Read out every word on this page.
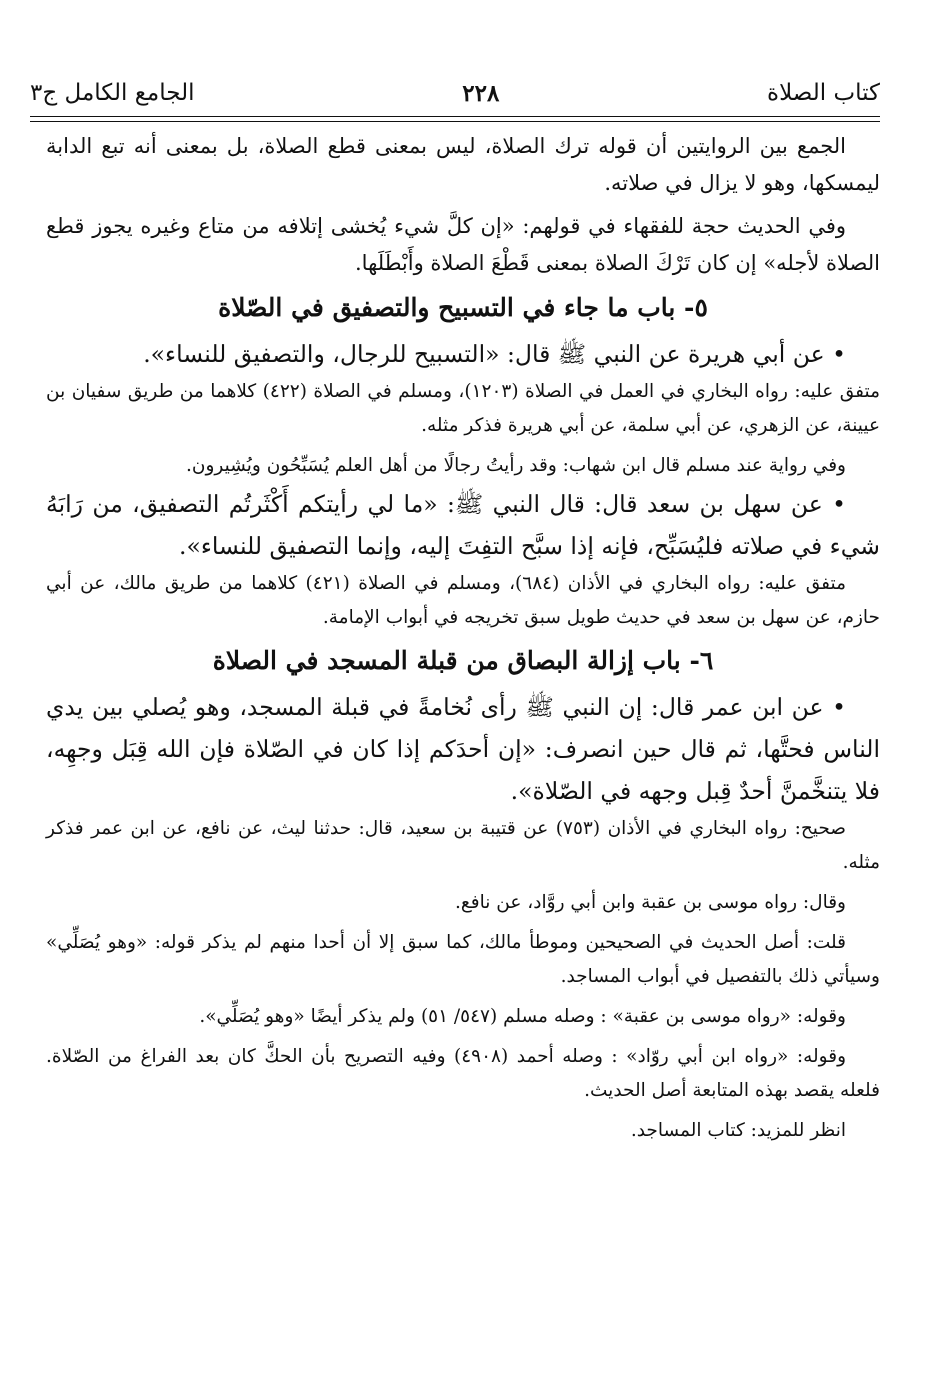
كتاب الصلاة
٢٢٨
الجامع الكامل ج٣

الجمع بين الروايتين أن قوله ترك الصلاة، ليس بمعنى قطع الصلاة، بل بمعنى أنه تبع الدابة ليمسكها، وهو لا يزال في صلاته.

وفي الحديث حجة للفقهاء في قولهم: «إن كلَّ شيء يُخشى إتلافه من متاع وغيره يجوز قطع الصلاة لأجله» إن كان تَرْكَ الصلاة بمعنى قَطْعَ الصلاة وأَبْطَلَها.

٥- باب ما جاء في التسبيح والتصفيق في الصّلاة

• عن أبي هريرة عن النبي ﷺ قال: «التسبيح للرجال، والتصفيق للنساء».

متفق عليه: رواه البخاري في العمل في الصلاة (١٢٠٣)، ومسلم في الصلاة (٤٢٢) كلاهما من طريق سفيان بن عيينة، عن الزهري، عن أبي سلمة، عن أبي هريرة فذكر مثله.

وفي رواية عند مسلم قال ابن شهاب: وقد رأيتُ رجالًا من أهل العلم يُسَبِّحُون ويُشِيرون.

• عن سهل بن سعد قال: قال النبي ﷺ: «ما لي رأيتكم أَكْثَرتُم التصفيق، من رَابَهُ شيء في صلاته فليُسَبِّح، فإنه إذا سبَّح التفِتَ إليه، وإنما التصفيق للنساء».

متفق عليه: رواه البخاري في الأذان (٦٨٤)، ومسلم في الصلاة (٤٢١) كلاهما من طريق مالك، عن أبي حازم، عن سهل بن سعد في حديث طويل سبق تخريجه في أبواب الإمامة.

٦- باب إزالة البصاق من قبلة المسجد في الصلاة

• عن ابن عمر قال: إن النبي ﷺ رأى نُخامةً في قبلة المسجد، وهو يُصلي بين يدي الناس فحتَّها، ثم قال حين انصرف: «إن أحدَكم إذا كان في الصّلاة فإن الله قِبَل وجهِه، فلا يتنخَّمنَّ أحدٌ قِبل وجهه في الصّلاة».

صحيح: رواه البخاري في الأذان (٧٥٣) عن قتيبة بن سعيد، قال: حدثنا ليث، عن نافع، عن ابن عمر فذكر مثله.

وقال: رواه موسى بن عقبة وابن أبي روَّاد، عن نافع.

قلت: أصل الحديث في الصحيحين وموطأ مالك، كما سبق إلا أن أحدا منهم لم يذكر قوله: «وهو يُصَلِّي» وسيأتي ذلك بالتفصيل في أبواب المساجد.

وقوله: «رواه موسى بن عقبة» : وصله مسلم (٥٤٧/ ٥١) ولم يذكر أيضًا «وهو يُصَلِّي».

وقوله: «رواه ابن أبي روّاد» : وصله أحمد (٤٩٠٨) وفيه التصريح بأن الحكَّ كان بعد الفراغ من الصّلاة. فلعله يقصد بهذه المتابعة أصل الحديث.

انظر للمزيد: كتاب المساجد.
